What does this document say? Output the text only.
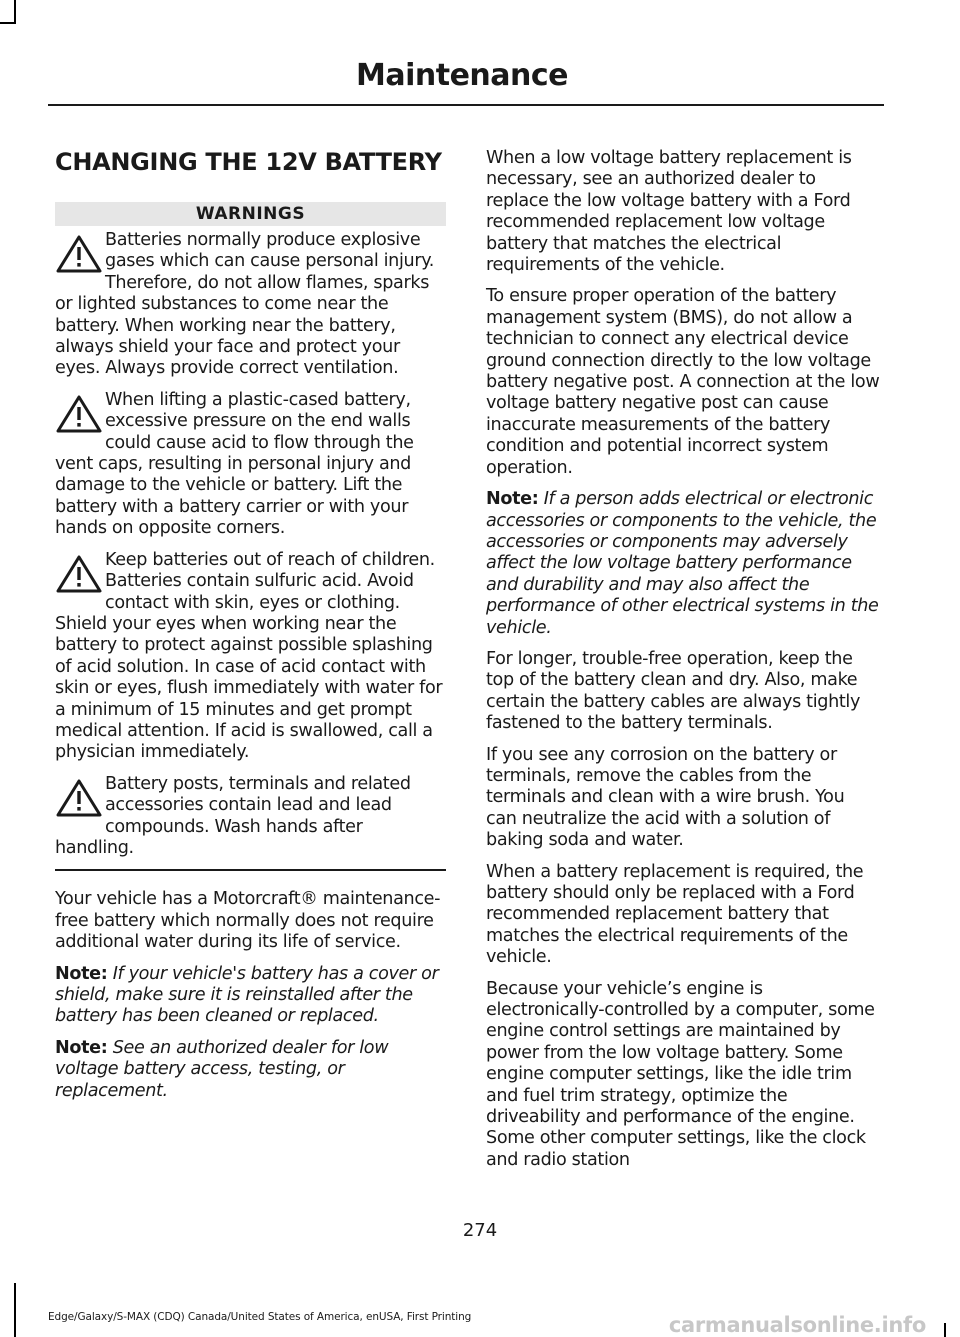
Maintenance
CHANGING THE 12V BATTERY
WARNINGS

Batteries normally produce explosive gases which can cause personal injury. Therefore, do not allow flames, sparks or lighted substances to come near the battery. When working near the battery, always shield your face and protect your eyes. Always provide correct ventilation.

When lifting a plastic-cased battery, excessive pressure on the end walls could cause acid to flow through the vent caps, resulting in personal injury and damage to the vehicle or battery. Lift the battery with a battery carrier or with your hands on opposite corners.

Keep batteries out of reach of children. Batteries contain sulfuric acid. Avoid contact with skin, eyes or clothing. Shield your eyes when working near the battery to protect against possible splashing of acid solution. In case of acid contact with skin or eyes, flush immediately with water for a minimum of 15 minutes and get prompt medical attention. If acid is swallowed, call a physician immediately.

Battery posts, terminals and related accessories contain lead and lead compounds. Wash hands after handling.

Your vehicle has a Motorcraft® maintenance-free battery which normally does not require additional water during its life of service.

Note: If your vehicle's battery has a cover or shield, make sure it is reinstalled after the battery has been cleaned or replaced.

Note: See an authorized dealer for low voltage battery access, testing, or replacement.

When a low voltage battery replacement is necessary, see an authorized dealer to replace the low voltage battery with a Ford recommended replacement low voltage battery that matches the electrical requirements of the vehicle.

To ensure proper operation of the battery management system (BMS), do not allow a technician to connect any electrical device ground connection directly to the low voltage battery negative post. A connection at the low voltage battery negative post can cause inaccurate measurements of the battery condition and potential incorrect system operation.

Note: If a person adds electrical or electronic accessories or components to the vehicle, the accessories or components may adversely affect the low voltage battery performance and durability and may also affect the performance of other electrical systems in the vehicle.

For longer, trouble-free operation, keep the top of the battery clean and dry. Also, make certain the battery cables are always tightly fastened to the battery terminals.

If you see any corrosion on the battery or terminals, remove the cables from the terminals and clean with a wire brush. You can neutralize the acid with a solution of baking soda and water.

When a battery replacement is required, the battery should only be replaced with a Ford recommended replacement battery that matches the electrical requirements of the vehicle.

Because your vehicle’s engine is electronically-controlled by a computer, some engine control settings are maintained by power from the low voltage battery. Some engine computer settings, like the idle trim and fuel trim strategy, optimize the driveability and performance of the engine. Some other computer settings, like the clock and radio station

274
Edge/Galaxy/S-MAX (CDQ) Canada/United States of America, enUSA, First Printing	carmanualsonline.info
